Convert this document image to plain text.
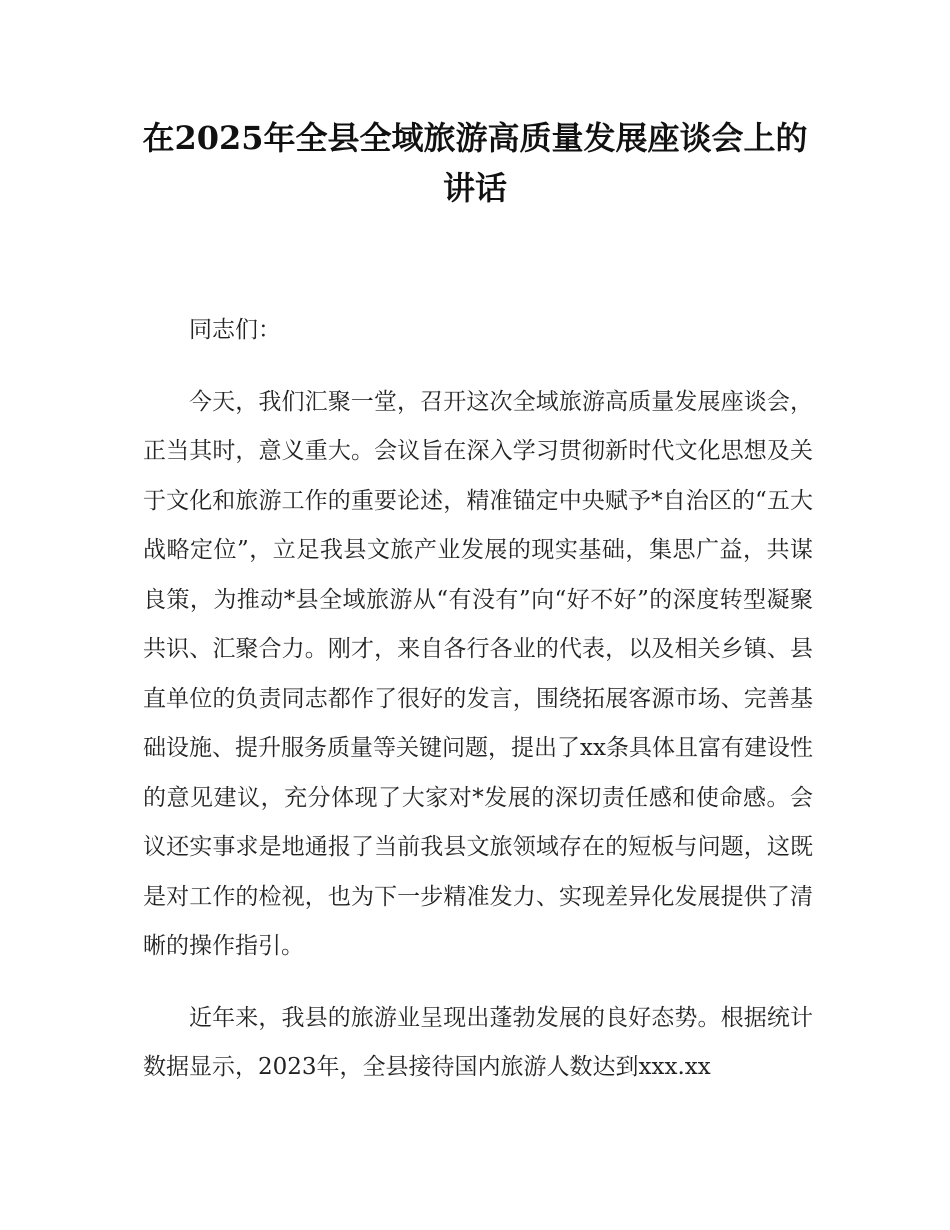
在2025年全县全域旅游高质量发展座谈会上的讲话

同志们：

今天，我们汇聚一堂，召开这次全域旅游高质量发展座谈会，正当其时，意义重大。会议旨在深入学习贯彻新时代文化思想及关于文化和旅游工作的重要论述，精准锚定中央赋予*自治区的“五大战略定位”，立足我县文旅产业发展的现实基础，集思广益，共谋良策，为推动*县全域旅游从“有没有”向“好不好”的深度转型凝聚共识、汇聚合力。刚才，来自各行各业的代表，以及相关乡镇、县直单位的负责同志都作了很好的发言，围绕拓展客源市场、完善基础设施、提升服务质量等关键问题，提出了xx条具体且富有建设性的意见建议，充分体现了大家对*发展的深切责任感和使命感。会议还实事求是地通报了当前我县文旅领域存在的短板与问题，这既是对工作的检视，也为下一步精准发力、实现差异化发展提供了清晰的操作指引。

近年来，我县的旅游业呈现出蓬勃发展的良好态势。根据统计数据显示，2023年，全县接待国内旅游人数达到xxx.xx
